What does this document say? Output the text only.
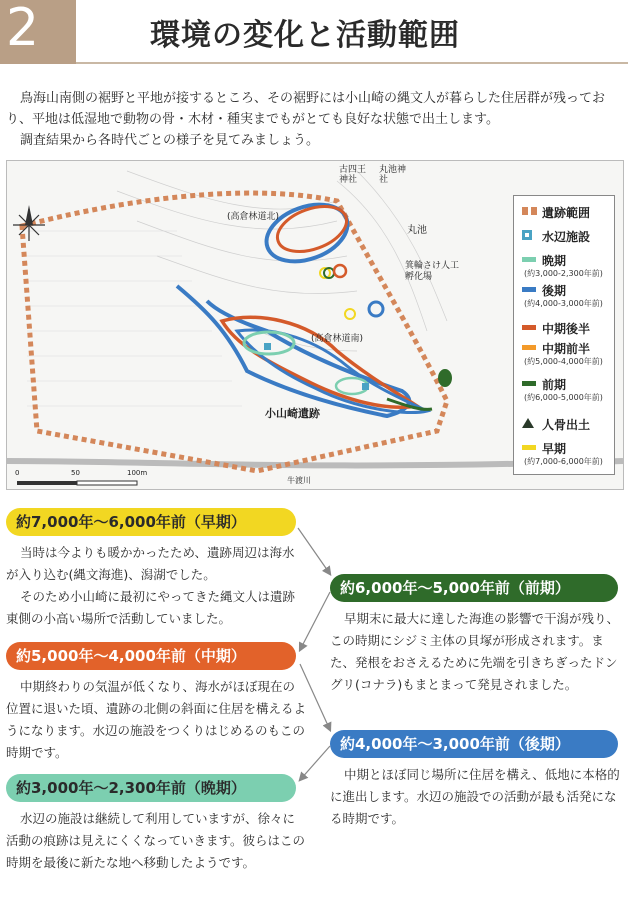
2	環境の変化と活動範囲

鳥海山南側の裾野と平地が接するところ、その裾野には小山崎の縄文人が暮らした住居群が残っており、平地は低湿地で動物の骨・木材・種実までもがとても良好な状態で出土します。

調査結果から各時代ごとの様子を見てみましょう。

古四王神社
丸池神社
丸池
箕輪さけ人工孵化場
(高倉林道北)
(高倉林道南)
小山崎遺跡
牛渡川
0	50	100m
遺跡範囲
水辺施設
晩期
(約3,000-2,300年前)
後期
(約4,000-3,000年前)
中期後半
中期前半
(約5,000-4,000年前)
前期
(約6,000-5,000年前)
人骨出土
早期
(約7,000-6,000年前)
約7,000年〜6,000年前（早期）

当時は今よりも暖かかったため、遺跡周辺は海水が入り込む(縄文海進)、潟湖でした。

そのため小山崎に最初にやってきた縄文人は遺跡東側の小高い場所で活動していました。

約5,000年〜4,000年前（中期）

中期終わりの気温が低くなり、海水がほぼ現在の位置に退いた頃、遺跡の北側の斜面に住居を構えるようになります。水辺の施設をつくりはじめるのもこの時期です。

約3,000年〜2,300年前（晩期）

水辺の施設は継続して利用していますが、徐々に活動の痕跡は見えにくくなっていきます。彼らはこの時期を最後に新たな地へ移動したようです。

約6,000年〜5,000年前（前期）

早期末に最大に達した海進の影響で干潟が残り、この時期にシジミ主体の貝塚が形成されます。また、発根をおさえるために先端を引きちぎったドングリ(コナラ)もまとまって発見されました。

約4,000年〜3,000年前（後期）

中期とほぼ同じ場所に住居を構え、低地に本格的に進出します。水辺の施設での活動が最も活発になる時期です。
